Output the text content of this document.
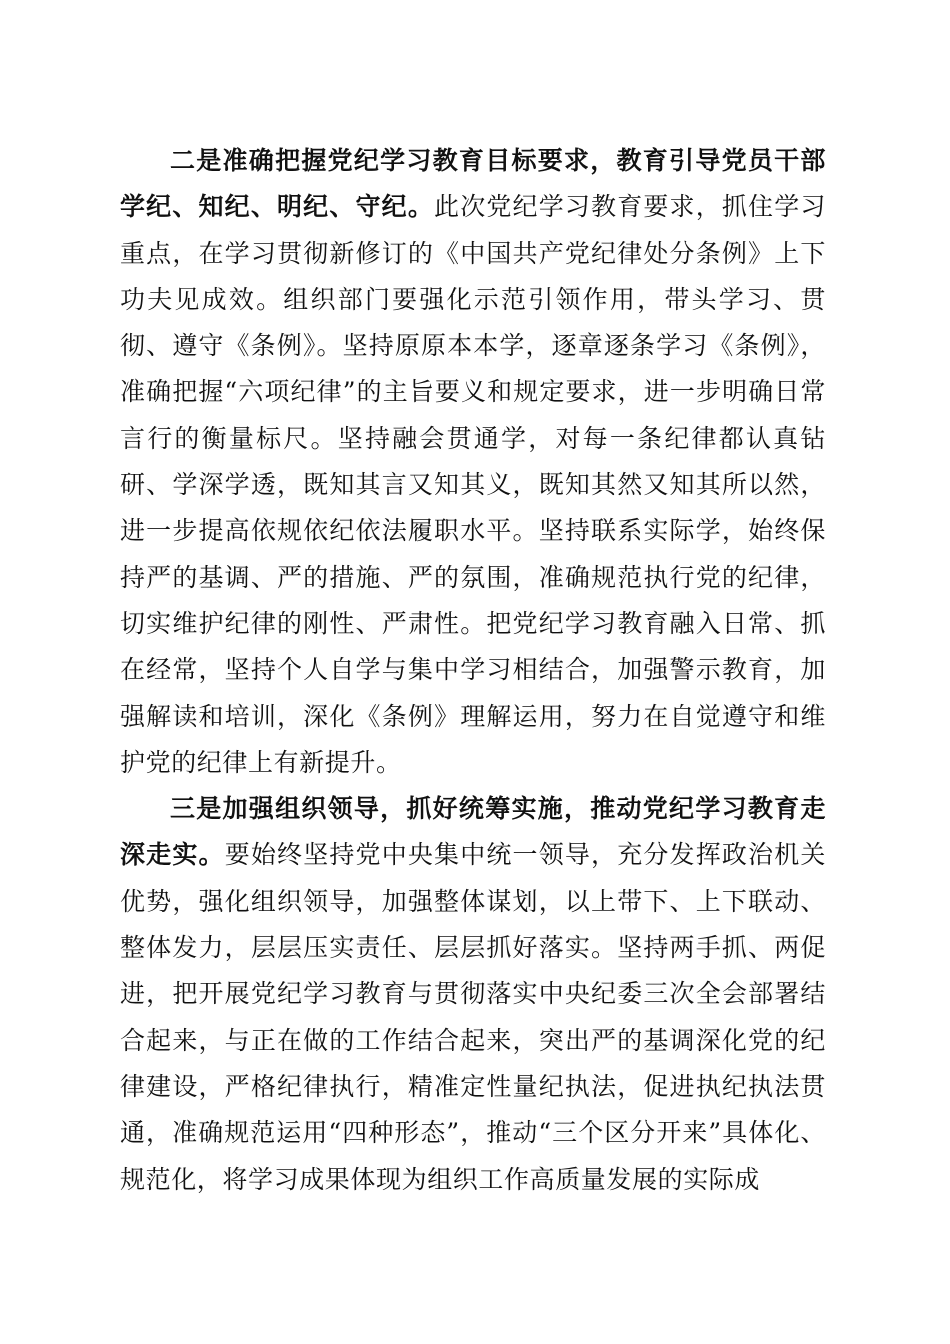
二是准确把握党纪学习教育目标要求，教育引导党员干部学纪、知纪、明纪、守纪。此次党纪学习教育要求，抓住学习重点，在学习贯彻新修订的《中国共产党纪律处分条例》上下功夫见成效。组织部门要强化示范引领作用，带头学习、贯彻、遵守《条例》。坚持原原本本学，逐章逐条学习《条例》，准确把握“六项纪律”的主旨要义和规定要求，进一步明确日常言行的衡量标尺。坚持融会贯通学，对每一条纪律都认真钻研、学深学透，既知其言又知其义，既知其然又知其所以然，进一步提高依规依纪依法履职水平。坚持联系实际学，始终保持严的基调、严的措施、严的氛围，准确规范执行党的纪律，切实维护纪律的刚性、严肃性。把党纪学习教育融入日常、抓在经常，坚持个人自学与集中学习相结合，加强警示教育，加强解读和培训，深化《条例》理解运用，努力在自觉遵守和维护党的纪律上有新提升。

三是加强组织领导，抓好统筹实施，推动党纪学习教育走深走实。要始终坚持党中央集中统一领导，充分发挥政治机关优势，强化组织领导，加强整体谋划，以上带下、上下联动、整体发力，层层压实责任、层层抓好落实。坚持两手抓、两促进，把开展党纪学习教育与贯彻落实中央纪委三次全会部署结合起来，与正在做的工作结合起来，突出严的基调深化党的纪律建设，严格纪律执行，精准定性量纪执法，促进执纪执法贯通，准确规范运用“四种形态”，推动“三个区分开来”具体化、规范化，将学习成果体现为组织工作高质量发展的实际成
